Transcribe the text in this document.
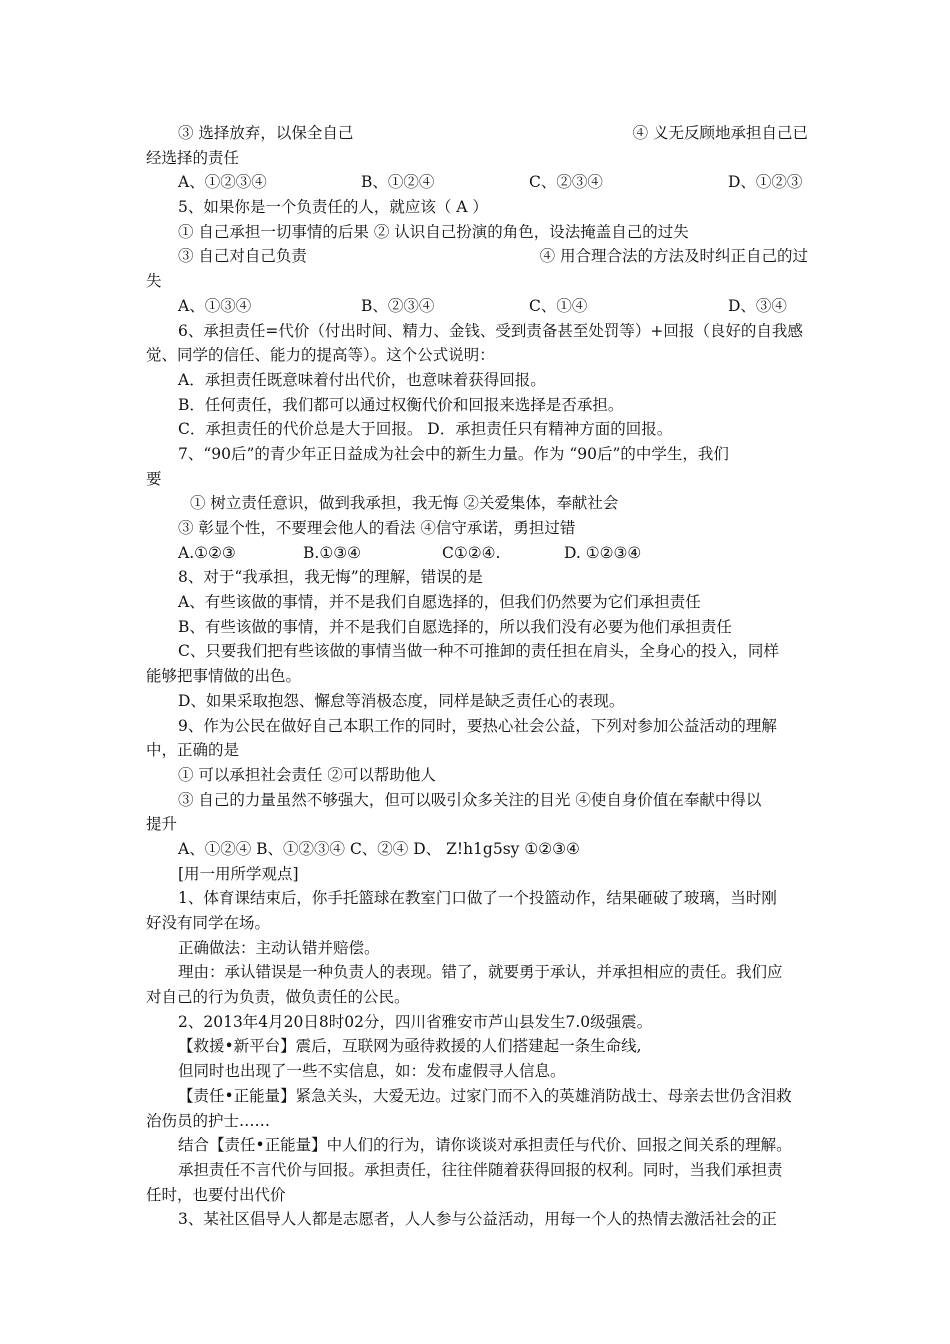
③ 选择放弃，以保全自己	④ 义无反顾地承担自己已
经选择的责任
A、①②③④	B、①②④	C、②③④	D、①②③
5、如果你是一个负责任的人，就应该（ A ）
① 自己承担一切事情的后果 ② 认识自己扮演的角色，设法掩盖自己的过失
③ 自己对自己负责	④ 用合理合法的方法及时纠正自己的过
失
A、①③④	B、②③④	C、①④	D、③④
6、承担责任=代价（付出时间、精力、金钱、受到责备甚至处罚等）+回报（良好的自我感
觉、同学的信任、能力的提高等）。这个公式说明：
A．承担责任既意味着付出代价，也意味着获得回报。
B．任何责任，我们都可以通过权衡代价和回报来选择是否承担。
C．承担责任的代价总是大于回报。 D．承担责任只有精神方面的回报。
7、“90后”的青少年正日益成为社会中的新生力量。作为 “90后”的中学生，我们
要
① 树立责任意识，做到我承担，我无悔 ②关爱集体，奉献社会
③ 彰显个性，不要理会他人的看法 ④信守承诺，勇担过错
A.①②③	B.①③④	C①②④.	D. ①②③④
8、对于“我承担，我无悔”的理解，错误的是
A、有些该做的事情，并不是我们自愿选择的，但我们仍然要为它们承担责任
B、有些该做的事情，并不是我们自愿选择的，所以我们没有必要为他们承担责任
C、只要我们把有些该做的事情当做一种不可推卸的责任担在肩头，全身心的投入，同样
能够把事情做的出色。
D、如果采取抱怨、懈怠等消极态度，同样是缺乏责任心的表现。
9、作为公民在做好自己本职工作的同时，要热心社会公益，下列对参加公益活动的理解
中，正确的是
① 可以承担社会责任 ②可以帮助他人
③ 自己的力量虽然不够强大，但可以吸引众多关注的目光 ④使自身价值在奉献中得以
提升
A、①②④ B、①②③④ C、②④ D、 Z!h1g5sy ①②③④
[用一用所学观点]
1、体育课结束后，你手托篮球在教室门口做了一个投篮动作，结果砸破了玻璃，当时刚
好没有同学在场。
正确做法：主动认错并赔偿。
理由：承认错误是一种负责人的表现。错了，就要勇于承认，并承担相应的责任。我们应
对自己的行为负责，做负责任的公民。
2、2013年4月20日8时02分，四川省雅安市芦山县发生7.0级强震。
【救援•新平台】震后，互联网为亟待救援的人们搭建起一条生命线,
但同时也出现了一些不实信息，如：发布虚假寻人信息。
【责任•正能量】紧急关头，大爱无边。过家门而不入的英雄消防战士、母亲去世仍含泪救
治伤员的护士……
结合【责任•正能量】中人们的行为，请你谈谈对承担责任与代价、回报之间关系的理解。
承担责任不言代价与回报。承担责任，往往伴随着获得回报的权利。同时，当我们承担责
任时，也要付出代价
3、某社区倡导人人都是志愿者，人人参与公益活动，用每一个人的热情去激活社会的正
